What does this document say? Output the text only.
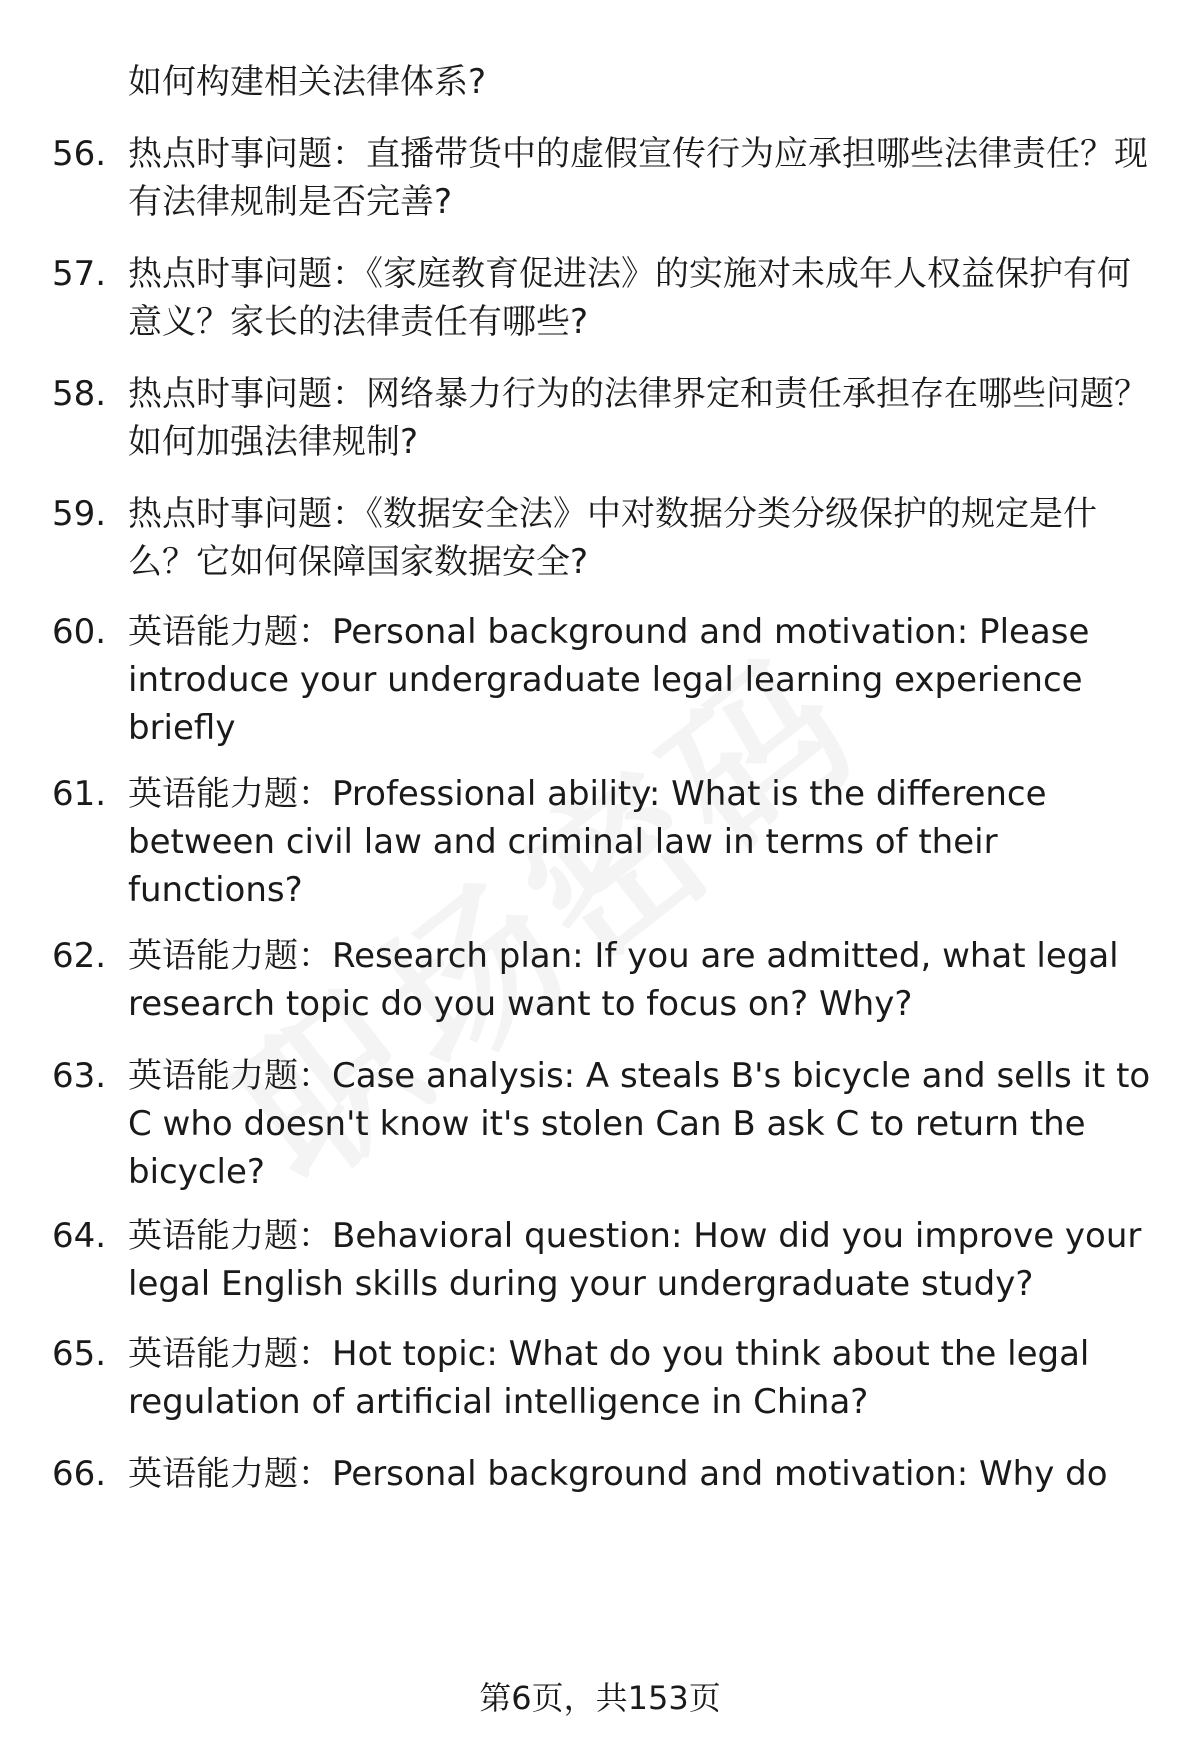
如何构建相关法律体系?
56. 热点时事问题：直播带货中的虚假宣传行为应承担哪些法律责任？现有法律规制是否完善?
57. 热点时事问题：《家庭教育促进法》的实施对未成年人权益保护有何意义？家长的法律责任有哪些?
58. 热点时事问题：网络暴力行为的法律界定和责任承担存在哪些问题？如何加强法律规制?
59. 热点时事问题：《数据安全法》中对数据分类分级保护的规定是什么？它如何保障国家数据安全?
60. 英语能力题：Personal background and motivation: Please introduce your undergraduate legal learning experience briefly
61. 英语能力题：Professional ability: What is the difference between civil law and criminal law in terms of their functions?
62. 英语能力题：Research plan: If you are admitted, what legal research topic do you want to focus on? Why?
63. 英语能力题：Case analysis: A steals B's bicycle and sells it to C who doesn't know it's stolen Can B ask C to return the bicycle?
64. 英语能力题：Behavioral question: How did you improve your legal English skills during your undergraduate study?
65. 英语能力题：Hot topic: What do you think about the legal regulation of artificial intelligence in China?
66. 英语能力题：Personal background and motivation: Why do
第6页，共153页
